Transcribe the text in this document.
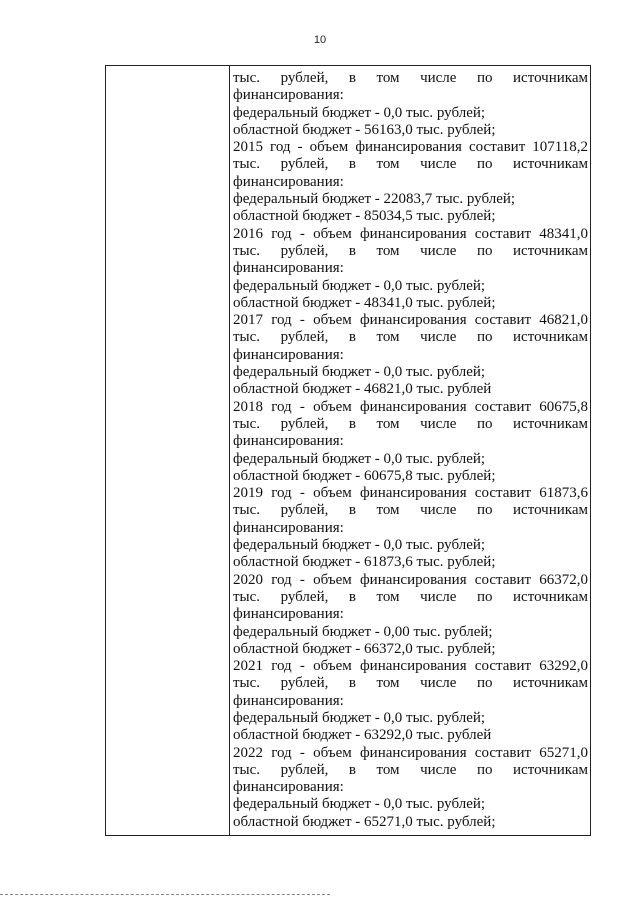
10
тыс. рублей, в том числе по источникам
финансирования:
федеральный бюджет - 0,0 тыс. рублей;
областной бюджет - 56163,0 тыс. рублей;
2015 год - объем финансирования составит 107118,2
тыс. рублей, в том числе по источникам
финансирования:
федеральный бюджет - 22083,7 тыс. рублей;
областной бюджет - 85034,5 тыс. рублей;
2016 год - объем финансирования составит 48341,0
тыс. рублей, в том числе по источникам
финансирования:
федеральный бюджет - 0,0 тыс. рублей;
областной бюджет - 48341,0 тыс. рублей;
2017 год - объем финансирования составит 46821,0
тыс. рублей, в том числе по источникам
финансирования:
федеральный бюджет - 0,0 тыс. рублей;
областной бюджет - 46821,0 тыс. рублей
2018 год - объем финансирования составит 60675,8
тыс. рублей, в том числе по источникам
финансирования:
федеральный бюджет - 0,0 тыс. рублей;
областной бюджет - 60675,8 тыс. рублей;
2019 год - объем финансирования составит 61873,6
тыс. рублей, в том числе по источникам
финансирования:
федеральный бюджет - 0,0 тыс. рублей;
областной бюджет - 61873,6 тыс. рублей;
2020 год - объем финансирования составит 66372,0
тыс. рублей, в том числе по источникам
финансирования:
федеральный бюджет - 0,00 тыс. рублей;
областной бюджет - 66372,0 тыс. рублей;
2021 год - объем финансирования составит 63292,0
тыс. рублей, в том числе по источникам
финансирования:
федеральный бюджет - 0,0 тыс. рублей;
областной бюджет - 63292,0 тыс. рублей
2022 год - объем финансирования составит 65271,0
тыс. рублей, в том числе по источникам
финансирования:
федеральный бюджет - 0,0 тыс. рублей;
областной бюджет - 65271,0 тыс. рублей;
